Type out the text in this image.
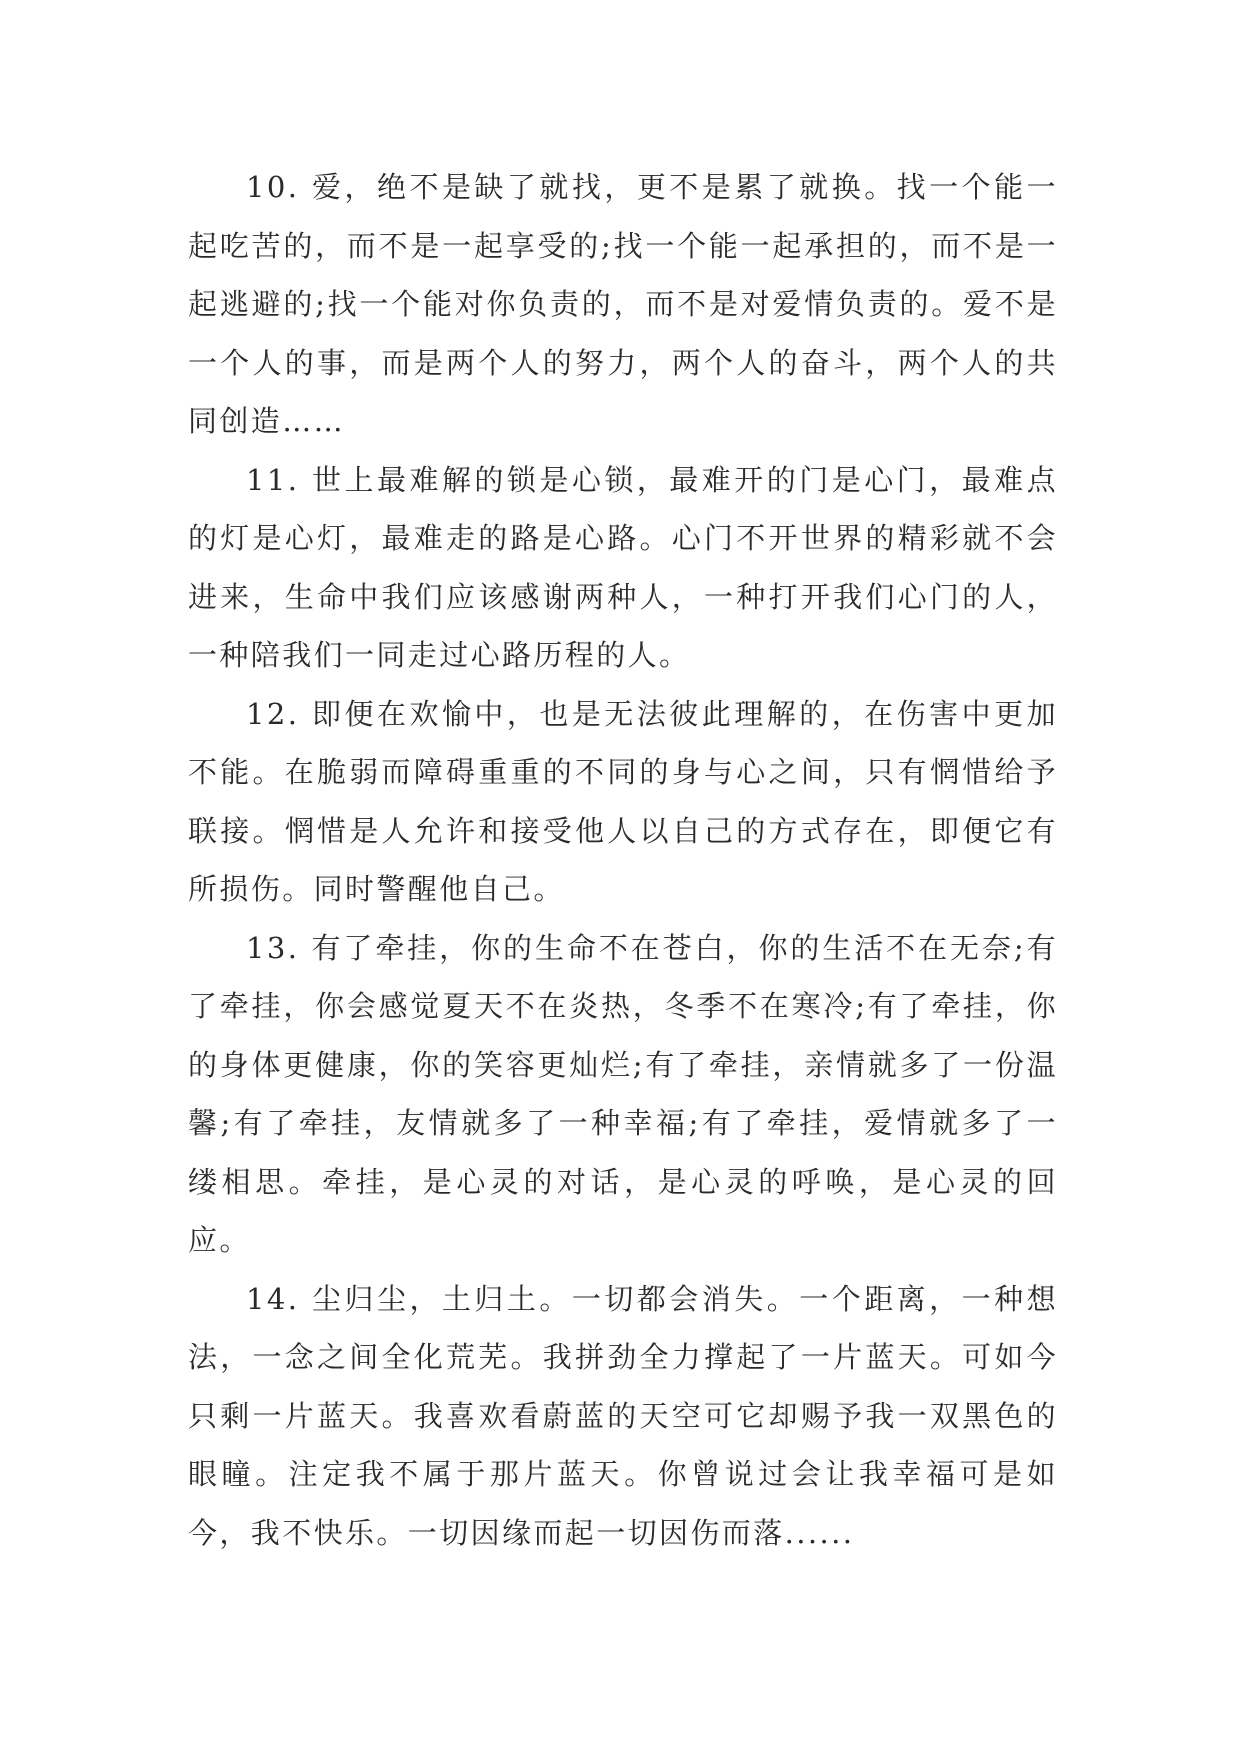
10. 爱，绝不是缺了就找，更不是累了就换。找一个能一起吃苦的，而不是一起享受的;找一个能一起承担的，而不是一起逃避的;找一个能对你负责的，而不是对爱情负责的。爱不是一个人的事，而是两个人的努力，两个人的奋斗，两个人的共同创造……

11. 世上最难解的锁是心锁，最难开的门是心门，最难点的灯是心灯，最难走的路是心路。心门不开世界的精彩就不会进来，生命中我们应该感谢两种人，一种打开我们心门的人，一种陪我们一同走过心路历程的人。

12. 即便在欢愉中，也是无法彼此理解的，在伤害中更加不能。在脆弱而障碍重重的不同的身与心之间，只有惘惜给予联接。惘惜是人允许和接受他人以自己的方式存在，即便它有所损伤。同时警醒他自己。

13. 有了牵挂，你的生命不在苍白，你的生活不在无奈;有了牵挂，你会感觉夏天不在炎热，冬季不在寒冷;有了牵挂，你的身体更健康，你的笑容更灿烂;有了牵挂，亲情就多了一份温馨;有了牵挂，友情就多了一种幸福;有了牵挂，爱情就多了一缕相思。牵挂，是心灵的对话，是心灵的呼唤，是心灵的回应。

14. 尘归尘，土归土。一切都会消失。一个距离，一种想法，一念之间全化荒芜。我拼劲全力撑起了一片蓝天。可如今只剩一片蓝天。我喜欢看蔚蓝的天空可它却赐予我一双黑色的眼瞳。注定我不属于那片蓝天。你曾说过会让我幸福可是如今，我不快乐。一切因缘而起一切因伤而落......
